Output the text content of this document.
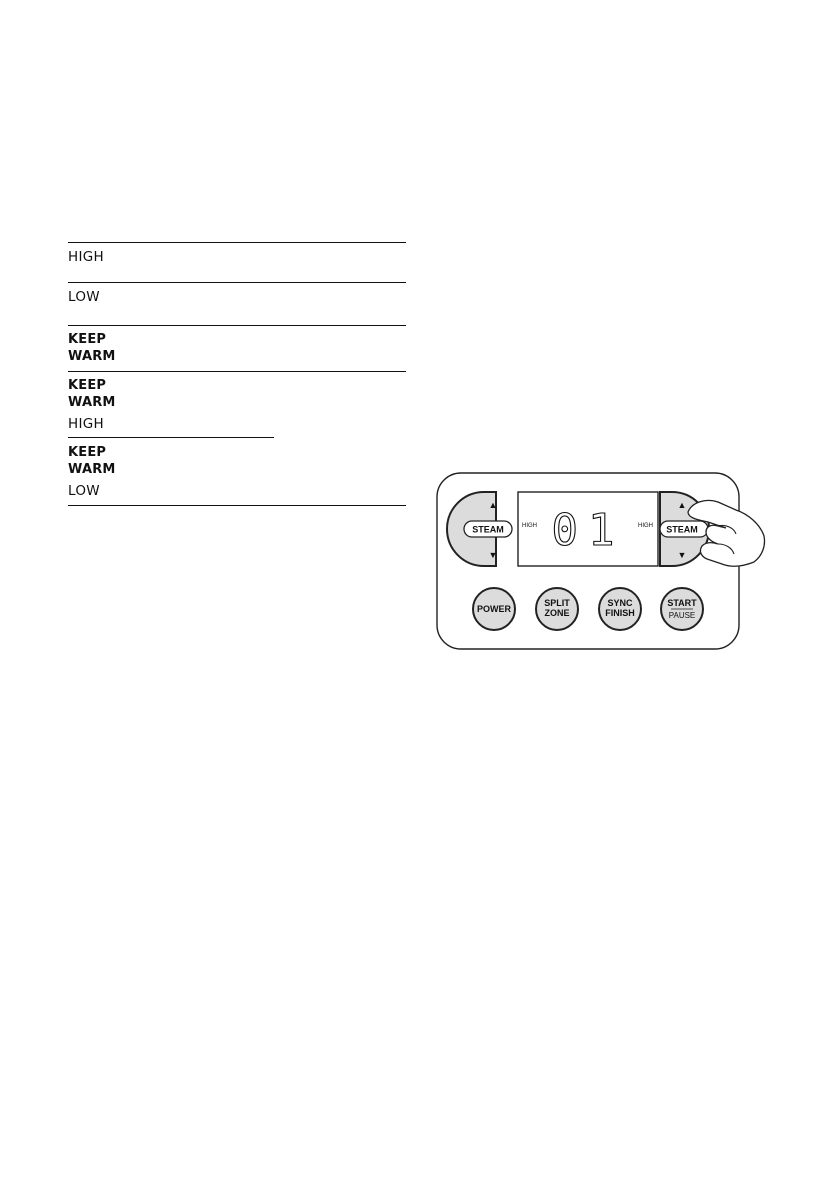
HIGH
LOW
KEEP
WARM
KEEP
WARM
HIGH
KEEP
WARM
LOW
▲
▼
STEAM	HIGH	HIGH
01	▲
▼
STEAM
POWER
SPLIT
ZONE
SYNC
FINISH
START
PAUSE
